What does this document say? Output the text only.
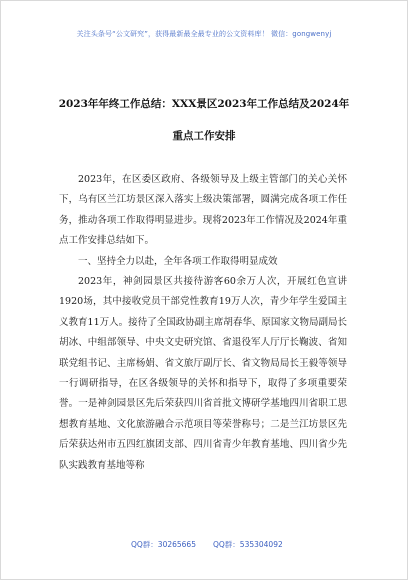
关注头条号“公文研究”，获得最新最全最专业的公文资料库！ 微信：gongwenyj
2023年年终工作总结：XXX景区2023年工作总结及2024年
重点工作安排

2023年，在区委区政府、各级领导及上级主管部门的关心关怀下，乌有区兰江坊景区深入落实上级决策部署，圆满完成各项工作任务，推动各项工作取得明显进步。现将2023年工作情况及2024年重点工作安排总结如下。

一、坚持全力以赴，全年各项工作取得明显成效

2023年，神剑园景区共接待游客60余万人次，开展红色宣讲1920场，其中接收党员干部党性教育19万人次，青少年学生爱国主义教育11万人。接待了全国政协副主席胡春华、原国家文物局副局长胡冰、中组部领导、中央文史研究馆、省退役军人厅厅长鞠波、省知联党组书记、主席杨娟、省文旅厅副厅长、省文物局局长王毅等领导一行调研指导，在区各级领导的关怀和指导下，取得了多项重要荣誉。一是神剑园景区先后荣获四川省首批文博研学基地四川省职工思想教育基地、文化旅游融合示范项目等荣誉称号；二是兰江坊景区先后荣获达州市五四红旗团支部、四川省青少年教育基地、四川省少先队实践教育基地等称

QQ群：30265665 QQ群：535304092
